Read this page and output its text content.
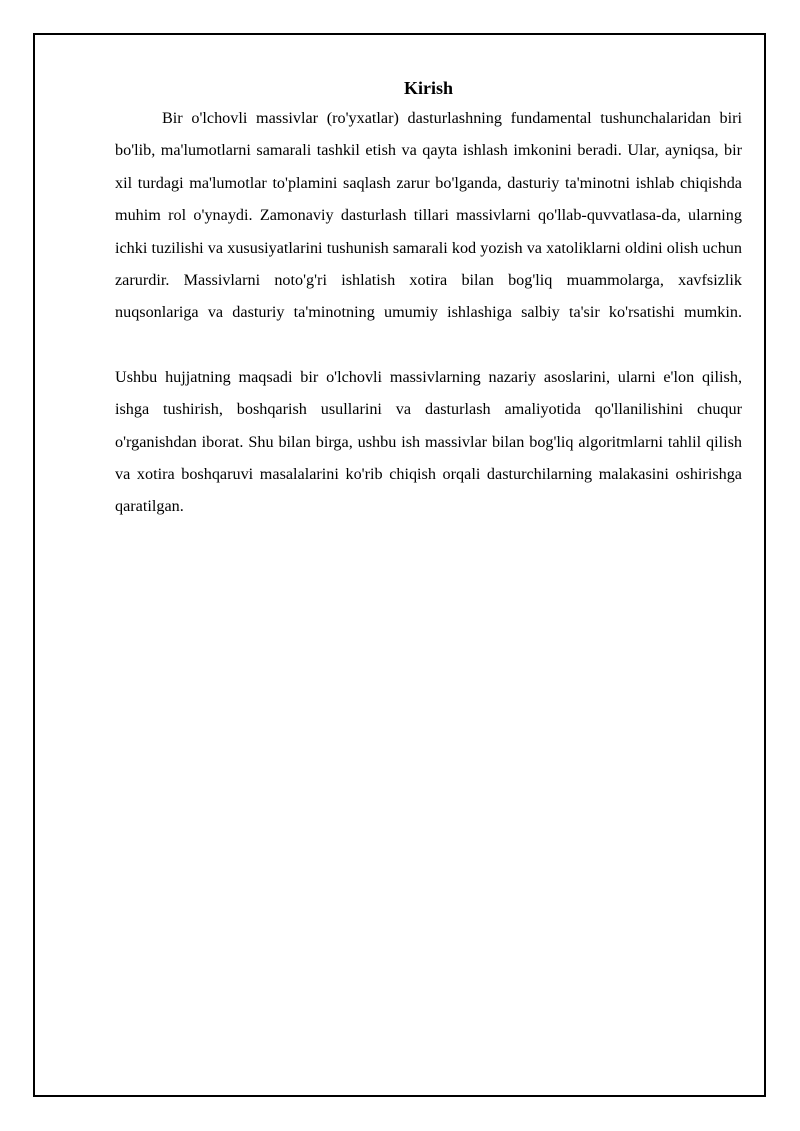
Kirish

Bir o'lchovli massivlar (ro'yxatlar) dasturlashning fundamental tushunchalaridan biri bo'lib, ma'lumotlarni samarali tashkil etish va qayta ishlash imkonini beradi. Ular, ayniqsa, bir xil turdagi ma'lumotlar to'plamini saqlash zarur bo'lganda, dasturiy ta'minotni ishlab chiqishda muhim rol o'ynaydi. Zamonaviy dasturlash tillari massivlarni qo'llab-quvvatlasa-da, ularning ichki tuzilishi va xususiyatlarini tushunish samarali kod yozish va xatoliklarni oldini olish uchun zarurdir. Massivlarni noto'g'ri ishlatish xotira bilan bog'liq muammolarga, xavfsizlik nuqsonlariga va dasturiy ta'minotning umumiy ishlashiga salbiy ta'sir ko'rsatishi mumkin.

Ushbu hujjatning maqsadi bir o'lchovli massivlarning nazariy asoslarini, ularni e'lon qilish, ishga tushirish, boshqarish usullarini va dasturlash amaliyotida qo'llanilishini chuqur o'rganishdan iborat. Shu bilan birga, ushbu ish massivlar bilan bog'liq algoritmlarni tahlil qilish va xotira boshqaruvi masalalarini ko'rib chiqish orqali dasturchilarning malakasini oshirishga qaratilgan.
